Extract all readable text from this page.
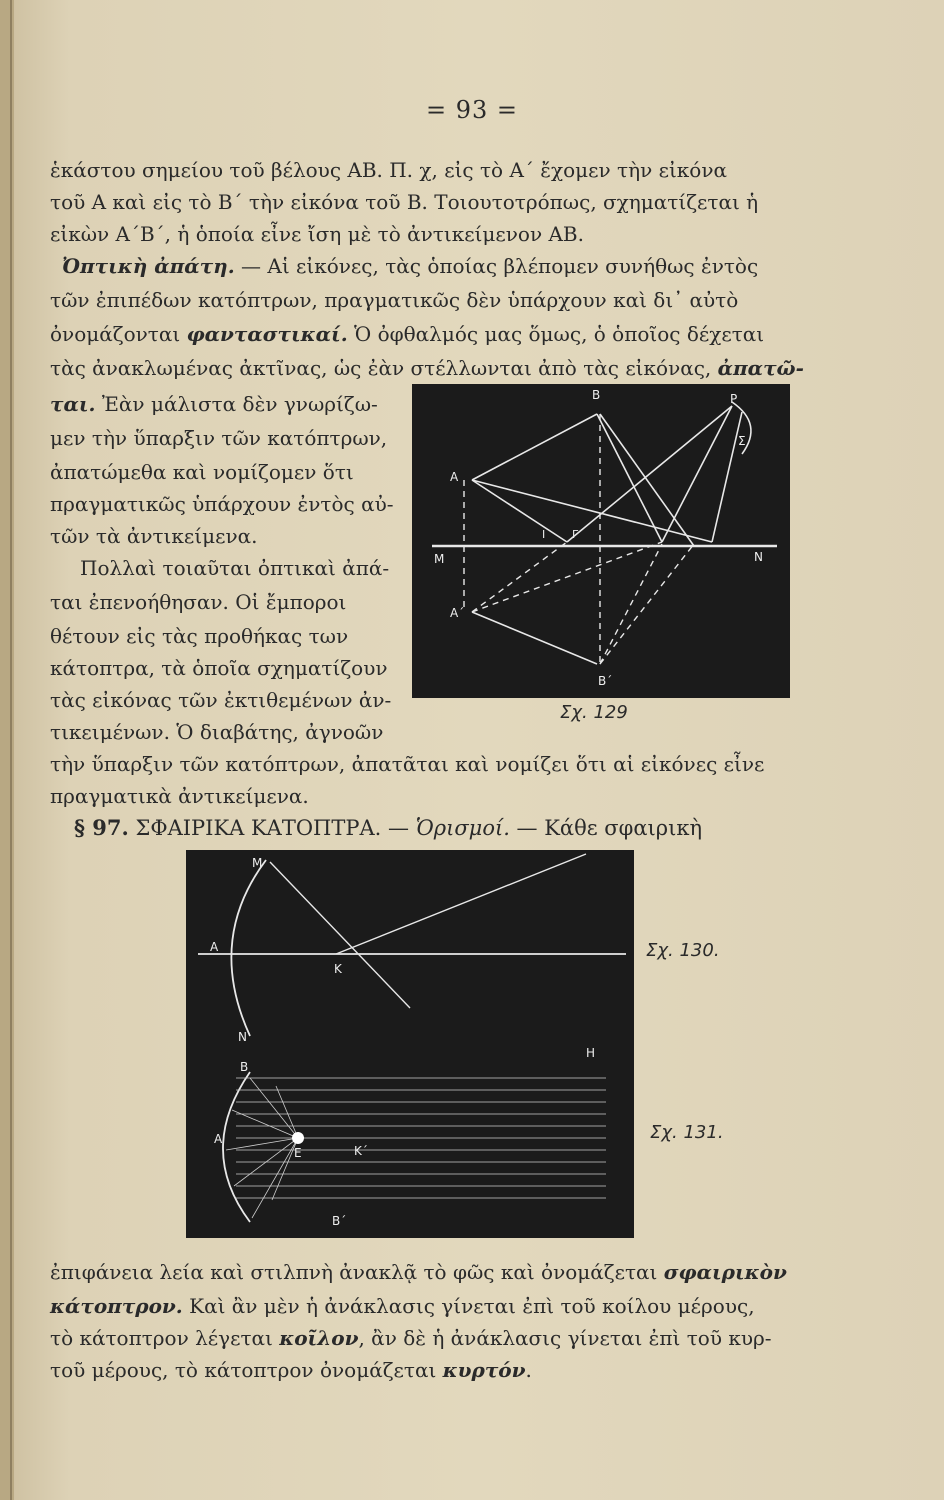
= 93 =
ἑκάστου σημείου τοῦ βέλους ΑΒ. Π. χ, εἰς τὸ Α΄ ἔχομεν τὴν εἰκόνα
τοῦ Α καὶ εἰς τὸ Β΄ τὴν εἰκόνα τοῦ Β. Τοιουτοτρόπως, σχηματίζεται ἡ
εἰκὼν Α΄Β΄, ἡ ὁποία εἶνε ἴση μὲ τὸ ἀντικείμενον ΑΒ.
Ὀπτικὴ ἀπάτη. — Αἱ εἰκόνες, τὰς ὁποίας βλέπομεν συνήθως ἐντὸς
τῶν ἐπιπέδων κατόπτρων, πραγματικῶς δὲν ὑπάρχουν καὶ δι᾽ αὐτὸ
ὀνομάζονται φανταστικαί. Ὁ ὀφθαλμός μας ὅμως, ὁ ὁποῖος δέχεται
τὰς ἀνακλωμένας ἀκτῖνας, ὡς ἐὰν στέλλωνται ἀπὸ τὰς εἰκόνας, ἀπατῶ-
ται. Ἐὰν μάλιστα δὲν γνωρίζω-
μεν τὴν ὕπαρξιν τῶν κατόπτρων,
ἀπατώμεθα καὶ νομίζομεν ὅτι
πραγματικῶς ὑπάρχουν ἐντὸς αὐ-
τῶν τὰ ἀντικείμενα.
Πολλαὶ τοιαῦται ὀπτικαὶ ἀπά-
ται ἐπενοήθησαν. Οἱ ἔμποροι
θέτουν εἰς τὰς προθήκας των
κάτοπτρα, τὰ ὁποῖα σχηματίζουν
τὰς εἰκόνας τῶν ἐκτιθεμένων ἀν-
τικειμένων. Ὁ διαβάτης, ἀγνοῶν
τὴν ὕπαρξιν τῶν κατόπτρων, ἀπατᾶται καὶ νομίζει ὅτι αἱ εἰκόνες εἶνε
πραγματικὰ ἀντικείμενα.
§ 97. ΣΦΑΙΡΙΚΑ ΚΑΤΟΠΤΡΑ. — Ὁρισμοί. — Κάθε σφαιρικὴ
Β	Ρ
Σ
Α
Μ	Ν
Ι Γ
Α΄
Β΄
Σχ. 129
Μ
Α
Κ
Ν
Β
Η
Α
Ε	Κ΄
Β΄
Σχ. 130.
Σχ. 131.
ἐπιφάνεια λεία καὶ στιλπνὴ ἀνακλᾷ τὸ φῶς καὶ ὀνομάζεται σφαιρικὸν
κάτοπτρον. Καὶ ἂν μὲν ἡ ἀνάκλασις γίνεται ἐπὶ τοῦ κοίλου μέρους,
τὸ κάτοπτρον λέγεται κοῖλον, ἂν δὲ ἡ ἀνάκλασις γίνεται ἐπὶ τοῦ κυρ-
τοῦ μέρους, τὸ κάτοπτρον ὀνομάζεται κυρτόν.
